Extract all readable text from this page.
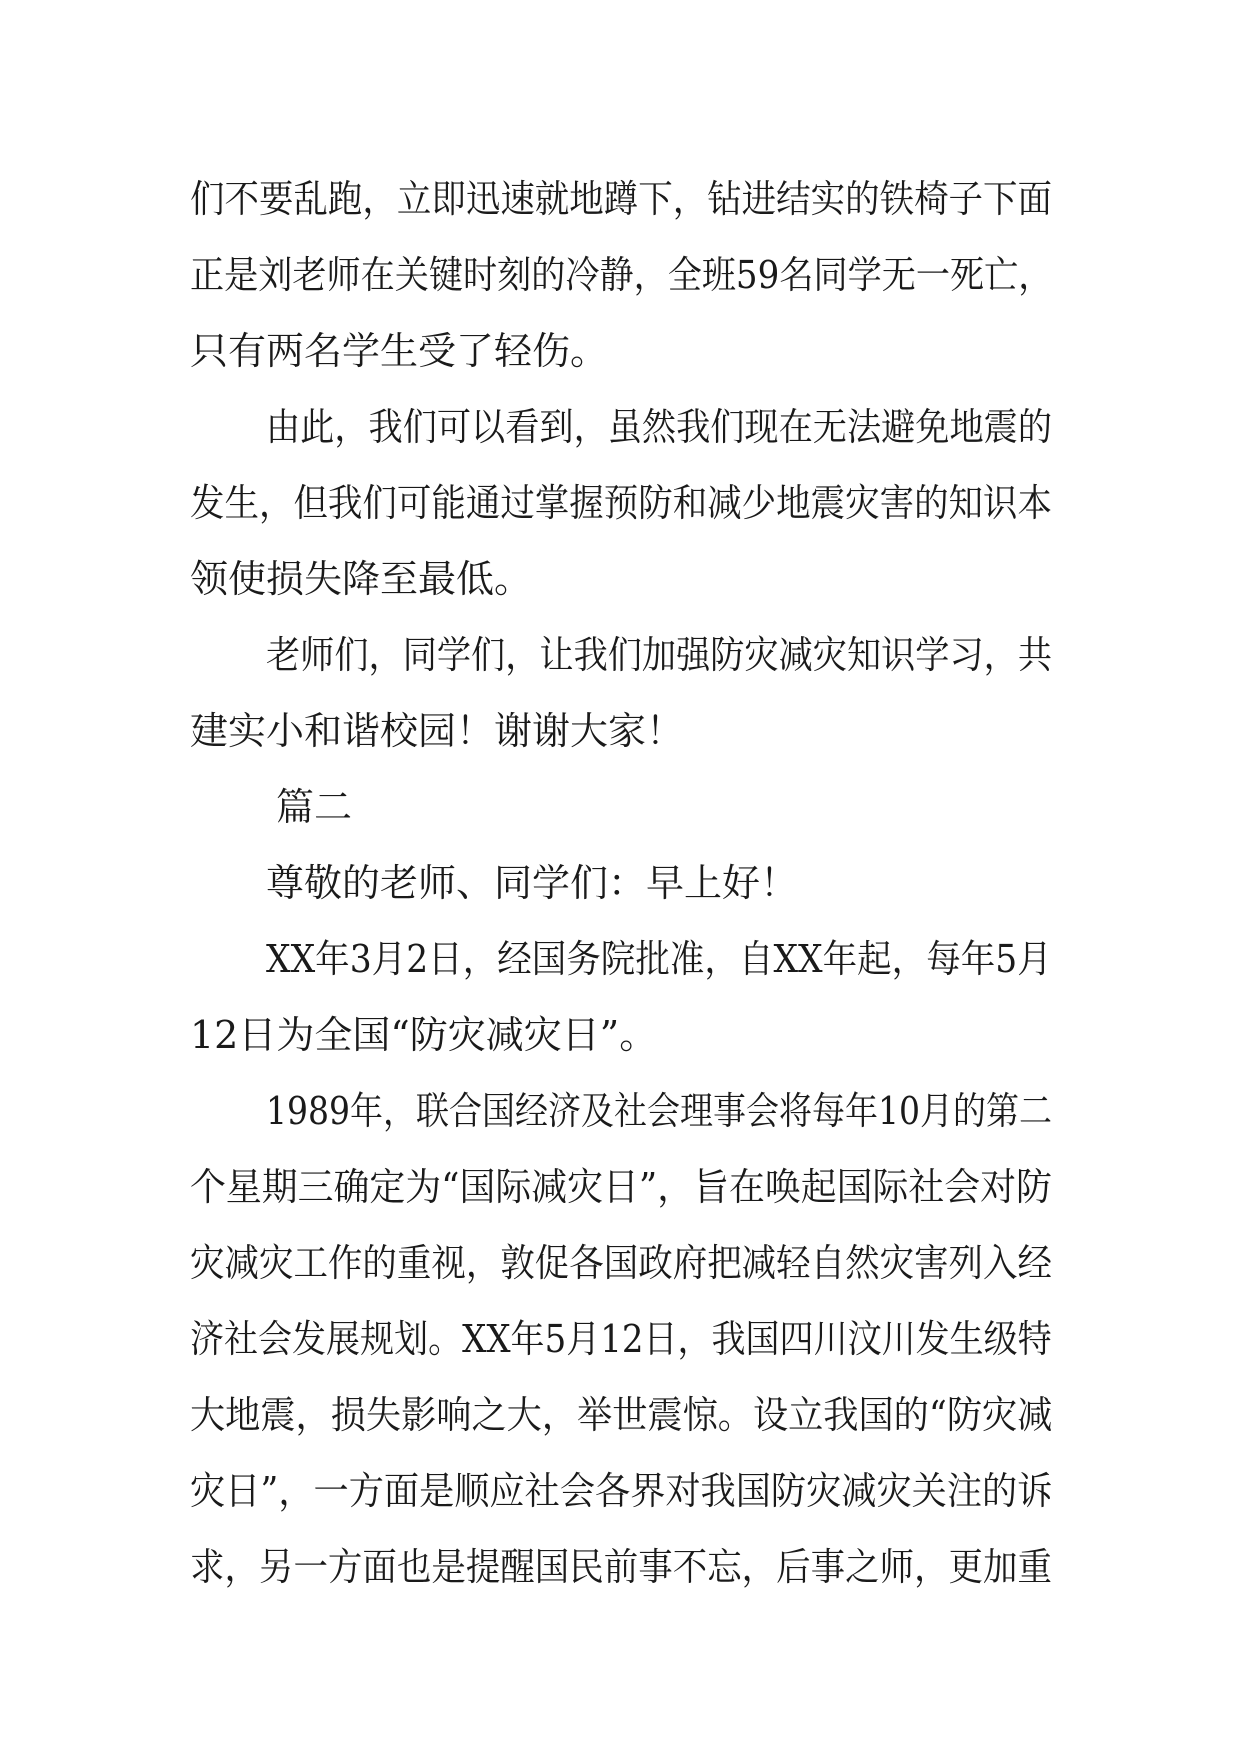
们不要乱跑，立即迅速就地蹲下，钻进结实的铁椅子下面
正是刘老师在关键时刻的冷静，全班59名同学无一死亡，
只有两名学生受了轻伤。
由此，我们可以看到，虽然我们现在无法避免地震的
发生，但我们可能通过掌握预防和减少地震灾害的知识本
领使损失降至最低。
老师们，同学们，让我们加强防灾减灾知识学习，共
建实小和谐校园！谢谢大家！
篇二
尊敬的老师、同学们：早上好！
XX年3月2日，经国务院批准，自XX年起，每年5月
12日为全国“防灾减灾日”。
1989年，联合国经济及社会理事会将每年10月的第二
个星期三确定为“国际减灾日”，旨在唤起国际社会对防
灾减灾工作的重视，敦促各国政府把减轻自然灾害列入经
济社会发展规划。XX年5月12日，我国四川汶川发生级特
大地震，损失影响之大，举世震惊。设立我国的“防灾减
灾日”，一方面是顺应社会各界对我国防灾减灾关注的诉
求，另一方面也是提醒国民前事不忘，后事之师，更加重
